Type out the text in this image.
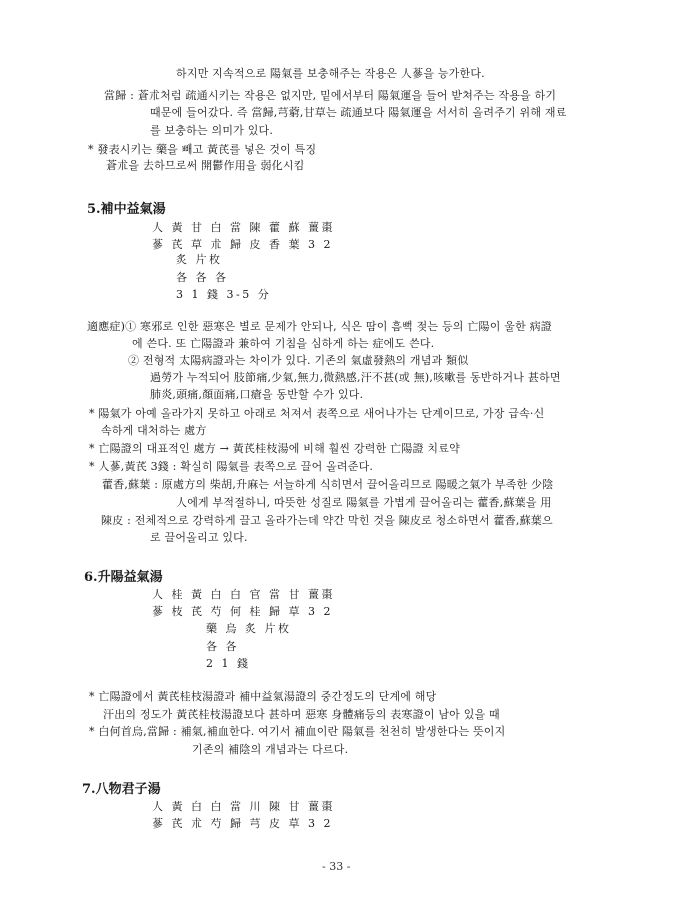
하지만 지속적으로 陽氣를 보충해주는 작용은 人蔘을 능가한다.
當歸 : 蒼朮처럼 疏通시키는 작용은 없지만, 밑에서부터 陽氣運을 들어 받쳐주는 작용을 하기
때문에 들어갔다. 즉 當歸,芎藭,甘草는 疏通보다 陽氣運을 서서히 올려주기 위해 재료
를 보충하는 의미가 있다.
* 發表시키는 藥을 빼고 黃芪를 넣은 것이 특징
蒼朮을 去하므로써 開鬱作用을 弱化시킴
5.補中益氣湯
人 黃 甘 白 當 陳 藿 蘇 薑棗
蔘 芪 草 朮 歸 皮 香 葉 3 2
炙 片枚
各 各 各
3 1 錢 3-5 分
適應症)① 寒邪로 인한 惡寒은 별로 문제가 안되나, 식은 땀이 흠뻑 젖는 등의 亡陽이 울한 病證
에 쓴다. 또 亡陽證과 兼하여 기침을 심하게 하는 症에도 쓴다.
② 전형적 太陽病證과는 차이가 있다. 기존의 氣虛發熱의 개념과 類似
過勞가 누적되어 肢節痛,少氣,無力,微熱感,汗不甚(或 無),咳嗽를 동반하거나 甚하면
肺炎,頭痛,顏面痛,口瘡을 동반할 수가 있다.
* 陽氣가 아예 올라가지 못하고 아래로 처져서 表쪽으로 새어나가는 단계이므로, 가장 급속·신
속하게 대처하는 處方
* 亡陽證의 대표적인 處方 → 黃芪桂枝湯에 비해 훨씬 강력한 亡陽證 치료약
* 人蔘,黃芪 3錢 : 확실히 陽氣를 表쪽으로 끌어 올려준다.
藿香,蘇葉 : 原處方의 柴胡,升麻는 서늘하게 식히면서 끌어올리므로 陽暖之氣가 부족한 少陰
人에게 부적절하니, 따뜻한 성질로 陽氣를 가볍게 끌어올리는 藿香,蘇葉을 用
陳皮 : 전체적으로 강력하게 끌고 올라가는데 약간 막힌 것을 陳皮로 청소하면서 藿香,蘇葉으
로 끌어올리고 있다.
6.升陽益氣湯
人 桂 黃 白 白 官 當 甘 薑棗
蔘 枝 芪 芍 何 桂 歸 草 3 2
藥 烏 炙 片枚
各 各
2 1 錢
* 亡陽證에서 黃芪桂枝湯證과 補中益氣湯證의 중간정도의 단계에 해당
汗出의 정도가 黃芪桂枝湯證보다 甚하며 惡寒 身體痛등의 表寒證이 남아 있을 때
* 白何首烏,當歸 : 補氣,補血한다. 여기서 補血이란 陽氣를 천천히 발생한다는 뜻이지
기존의 補陰의 개념과는 다르다.
7.八物君子湯
人 黃 白 白 當 川 陳 甘 薑棗
蔘 芪 朮 芍 歸 芎 皮 草 3 2
- 33 -
